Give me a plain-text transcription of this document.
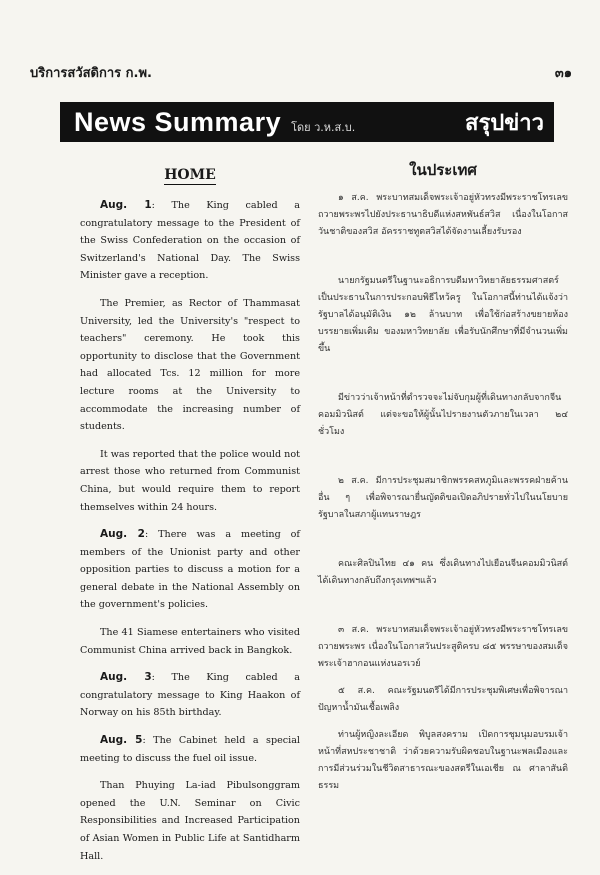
บริการสวัสดิการ ก.พ.	๓๑
News Summary โดย ว.ห.ส.บ.	สรุปข่าว
HOME

Aug. 1: The King cabled a congratulatory message to the President of the Swiss Confederation on the occasion of Switzerland's National Day. The Swiss Minister gave a reception.

The Premier, as Rector of Thammasat University, led the University's "respect to teachers" ceremony. He took this opportunity to disclose that the Government had allocated Tcs. 12 million for more lecture rooms at the University to accommodate the increasing number of students.

It was reported that the police would not arrest those who returned from Communist China, but would require them to report themselves within 24 hours.

Aug. 2: There was a meeting of members of the Unionist party and other opposition parties to discuss a motion for a general debate in the National Assembly on the government's policies.

The 41 Siamese entertainers who visited Communist China arrived back in Bangkok.

Aug. 3: The King cabled a congratulatory message to King Haakon of Norway on his 85th birthday.

Aug. 5: The Cabinet held a special meeting to discuss the fuel oil issue.

Than Phuying La-iad Pibulsonggram opened the U.N. Seminar on Civic Responsibilities and Increased Participation of Asian Women in Public Life at Santidharm Hall.

ในประเทศ

๑ ส.ค. พระบาทสมเด็จพระเจ้าอยู่หัวทรงมีพระราชโทรเลขถวายพระพรไปยังประธานาธิบดีแห่งสหพันธ์สวิส เนื่องในโอกาสวันชาติของสวิส อัครราชทูตสวิสได้จัดงานเลี้ยงรับรอง

นายกรัฐมนตรีในฐานะอธิการบดีมหาวิทยาลัยธรรมศาสตร์เป็นประธานในการประกอบพิธีไหว้ครู ในโอกาสนี้ท่านได้แจ้งว่า รัฐบาลได้อนุมัติเงิน ๑๒ ล้านบาท เพื่อใช้ก่อสร้างขยายห้องบรรยายเพิ่มเติม ของมหาวิทยาลัย เพื่อรับนักศึกษาที่มีจำนวนเพิ่มขึ้น

มีข่าวว่าเจ้าหน้าที่ตำรวจจะไม่จับกุมผู้ที่เดินทางกลับจากจีนคอมมิวนิสต์ แต่จะขอให้ผู้นั้นไปรายงานตัวภายในเวลา ๒๔ ชั่วโมง

๒ ส.ค. มีการประชุมสมาชิกพรรคสหภูมิและพรรคฝ่ายค้านอื่น ๆ เพื่อพิจารณายื่นญัตติขอเปิดอภิปรายทั่วไปในนโยบายรัฐบาลในสภาผู้แทนราษฎร

คณะศิลปินไทย ๔๑ คน ซึ่งเดินทางไปเยือนจีนคอมมิวนิสต์ ได้เดินทางกลับถึงกรุงเทพฯแล้ว

๓ ส.ค. พระบาทสมเด็จพระเจ้าอยู่หัวทรงมีพระราชโทรเลขถวายพระพร เนื่องในโอกาสวันประสูติครบ ๘๕ พรรษาของสมเด็จพระเจ้าฮากอนแห่งนอรเวย์

๕ ส.ค. คณะรัฐมนตรีได้มีการประชุมพิเศษเพื่อพิจารณาปัญหาน้ำมันเชื้อเพลิง

ท่านผู้หญิงละเอียด พิบูลสงคราม เปิดการชุมนุมอบรมเจ้าหน้าที่สหประชาชาติ ว่าด้วยความรับผิดชอบในฐานะพลเมืองและการมีส่วนร่วมในชีวิตสาธารณะของสตรีในเอเชีย ณ ศาลาสันติธรรม
